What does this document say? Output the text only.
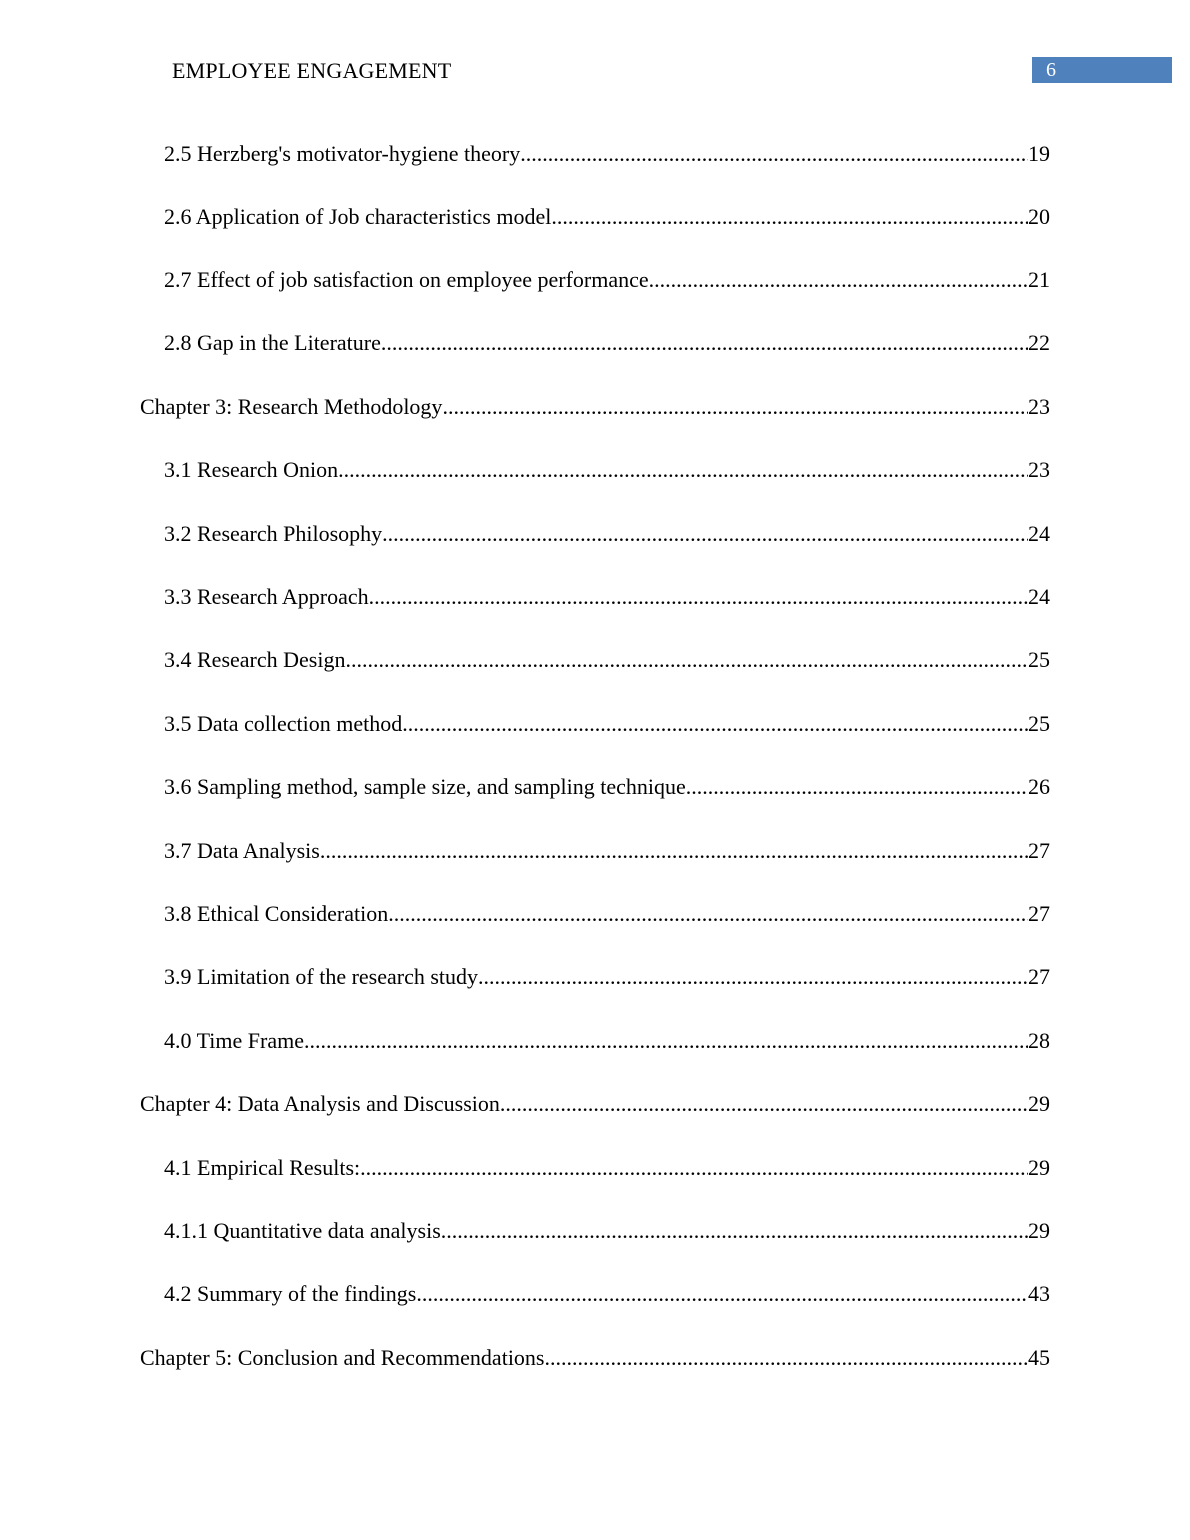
EMPLOYEE ENGAGEMENT	6
2.5 Herzberg's motivator-hygiene theory .....	19
2.6 Application of Job characteristics model .....	20
2.7 Effect of job satisfaction on employee performance .....	21
2.8 Gap in the Literature .....	22
Chapter 3: Research Methodology .....	23
3.1 Research Onion .....	23
3.2 Research Philosophy .....	24
3.3 Research Approach .....	24
3.4 Research Design .....	25
3.5 Data collection method .....	25
3.6 Sampling method, sample size, and sampling technique .....	26
3.7 Data Analysis .....	27
3.8 Ethical Consideration .....	27
3.9 Limitation of the research study .....	27
4.0 Time Frame .....	28
Chapter 4: Data Analysis and Discussion .....	29
4.1 Empirical Results: .....	29
4.1.1 Quantitative data analysis .....	29
4.2 Summary of the findings .....	43
Chapter 5: Conclusion and Recommendations .....	45
